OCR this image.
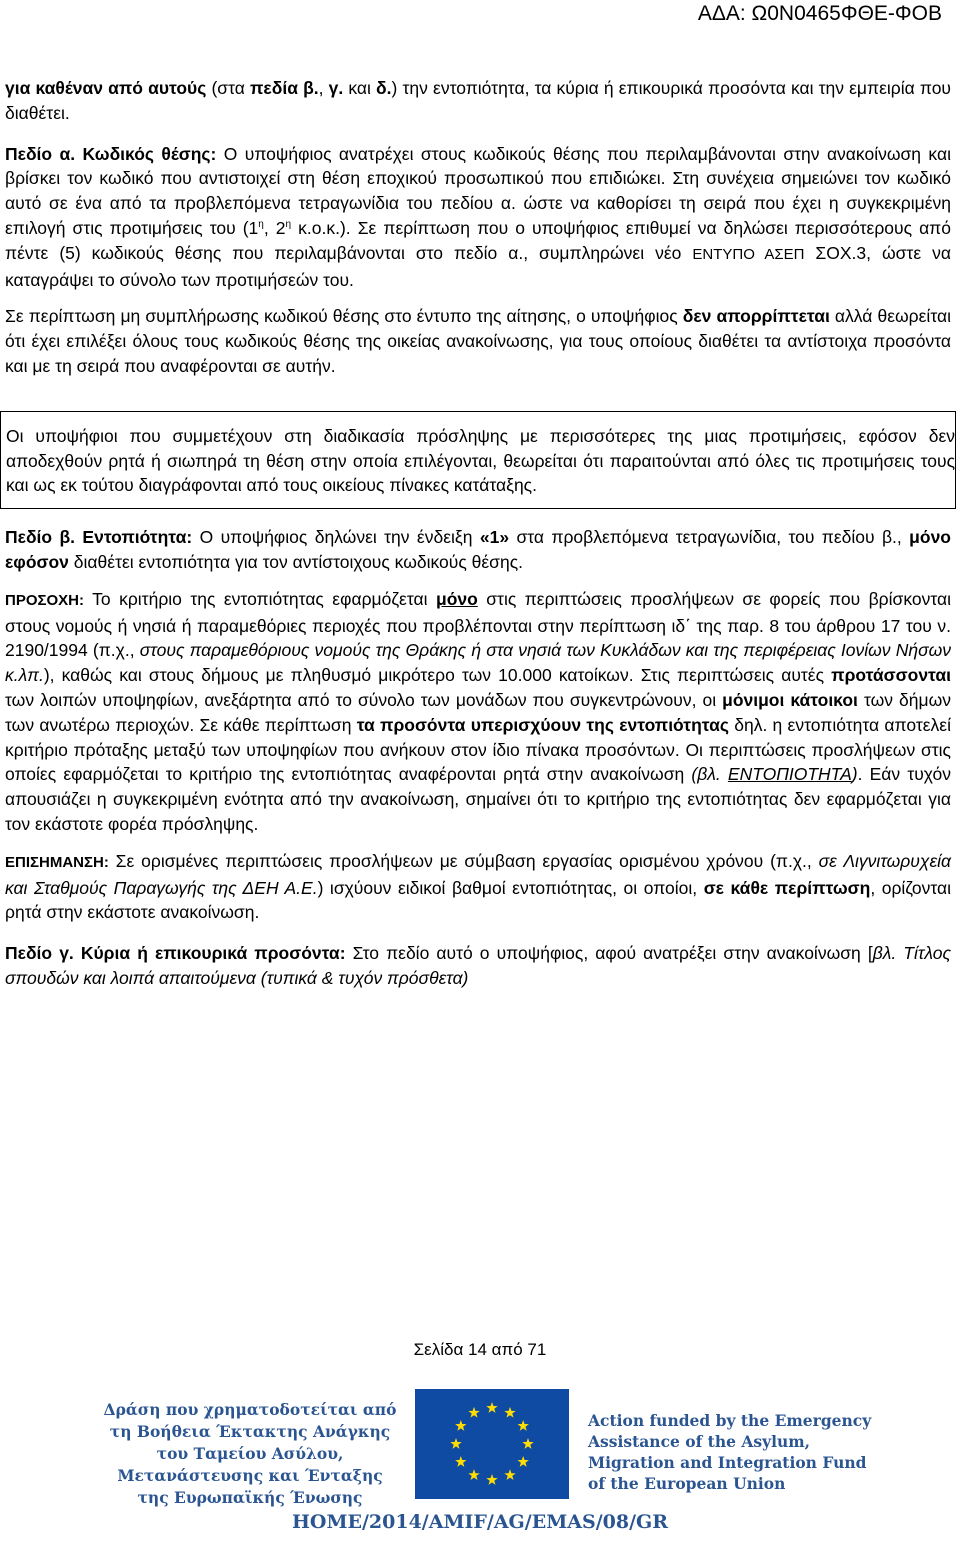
ΑΔΑ: Ω0Ν0465ΦΘΕ-ΦΟΒ

για καθέναν από αυτούς (στα πεδία β., γ. και δ.) την εντοπιότητα, τα κύρια ή επικουρικά προσόντα και την εμπειρία που διαθέτει.

Πεδίο α. Κωδικός θέσης: Ο υποψήφιος ανατρέχει στους κωδικούς θέσης που περιλαμβάνονται στην ανακοίνωση και βρίσκει τον κωδικό που αντιστοιχεί στη θέση εποχικού προσωπικού που επιδιώκει. Στη συνέχεια σημειώνει τον κωδικό αυτό σε ένα από τα προβλεπόμενα τετραγωνίδια του πεδίου α. ώστε να καθορίσει τη σειρά που έχει η συγκεκριμένη επιλογή στις προτιμήσεις του ($1^\eta$, $2^\eta$ κ.ο.κ.). Σε περίπτωση που ο υποψήφιος επιθυμεί να δηλώσει περισσότερους από πέντε (5) κωδικούς θέσης που περιλαμβάνονται στο πεδίο α., συμπληρώνει νέο ΕΝΤΥΠΟ ΑΣΕΠ ΣΟΧ.3, ώστε να καταγράψει το σύνολο των προτιμήσεών του.

Σε περίπτωση μη συμπλήρωσης κωδικού θέσης στο έντυπο της αίτησης, ο υποψήφιος δεν απορρίπτεται αλλά θεωρείται ότι έχει επιλέξει όλους τους κωδικούς θέσης της οικείας ανακοίνωσης, για τους οποίους διαθέτει τα αντίστοιχα προσόντα και με τη σειρά που αναφέρονται σε αυτήν.

Οι υποψήφιοι που συμμετέχουν στη διαδικασία πρόσληψης με περισσότερες της μιας προτιμήσεις, εφόσον δεν αποδεχθούν ρητά ή σιωπηρά τη θέση στην οποία επιλέγονται, θεωρείται ότι παραιτούνται από όλες τις προτιμήσεις τους και ως εκ τούτου διαγράφονται από τους οικείους πίνακες κατάταξης.

Πεδίο β. Εντοπιότητα: Ο υποψήφιος δηλώνει την ένδειξη «1» στα προβλεπόμενα τετραγωνίδια, του πεδίου β., μόνο εφόσον διαθέτει εντοπιότητα για τον αντίστοιχους κωδικούς θέσης.

ΠΡΟΣΟΧΗ: Το κριτήριο της εντοπιότητας εφαρμόζεται μόνο στις περιπτώσεις προσλήψεων σε φορείς που βρίσκονται στους νομούς ή νησιά ή παραμεθόριες περιοχές που προβλέπονται στην περίπτωση ιδ΄ της παρ. 8 του άρθρου 17 του ν. 2190/1994 (π.χ., στους παραμεθόριους νομούς της Θράκης ή στα νησιά των Κυκλάδων και της περιφέρειας Ιονίων Νήσων κ.λπ.), καθώς και στους δήμους με πληθυσμό μικρότερο των 10.000 κατοίκων. Στις περιπτώσεις αυτές προτάσσονται των λοιπών υποψηφίων, ανεξάρτητα από το σύνολο των μονάδων που συγκεντρώνουν, οι μόνιμοι κάτοικοι των δήμων των ανωτέρω περιοχών. Σε κάθε περίπτωση τα προσόντα υπερισχύουν της εντοπιότητας δηλ. η εντοπιότητα αποτελεί κριτήριο πρόταξης μεταξύ των υποψηφίων που ανήκουν στον ίδιο πίνακα προσόντων. Οι περιπτώσεις προσλήψεων στις οποίες εφαρμόζεται το κριτήριο της εντοπιότητας αναφέρονται ρητά στην ανακοίνωση (βλ. ΕΝΤΟΠΙΟΤΗΤΑ). Εάν τυχόν απουσιάζει η συγκεκριμένη ενότητα από την ανακοίνωση, σημαίνει ότι το κριτήριο της εντοπιότητας δεν εφαρμόζεται για τον εκάστοτε φορέα πρόσληψης.

ΕΠΙΣΗΜΑΝΣΗ: Σε ορισμένες περιπτώσεις προσλήψεων με σύμβαση εργασίας ορισμένου χρόνου (π.χ., σε Λιγνιτωρυχεία και Σταθμούς Παραγωγής της ΔΕΗ Α.Ε.) ισχύουν ειδικοί βαθμοί εντοπιότητας, οι οποίοι, σε κάθε περίπτωση, ορίζονται ρητά στην εκάστοτε ανακοίνωση.

Πεδίο γ. Κύρια ή επικουρικά προσόντα: Στο πεδίο αυτό ο υποψήφιος, αφού ανατρέξει στην ανακοίνωση [βλ. Τίτλος σπουδών και λοιπά απαιτούμενα (τυπικά & τυχόν πρόσθετα)

Σελίδα 14 από 71
Δράση που χρηματοδοτείται από τη Βοήθεια Έκτακτης Ανάγκης του Ταμείου Ασύλου, Μετανάστευσης και Ένταξης της Ευρωπαϊκής Ένωσης
Action funded by the Emergency Assistance of the Asylum, Migration and Integration Fund of the European Union
HOME/2014/AMIF/AG/EMAS/08/GR
